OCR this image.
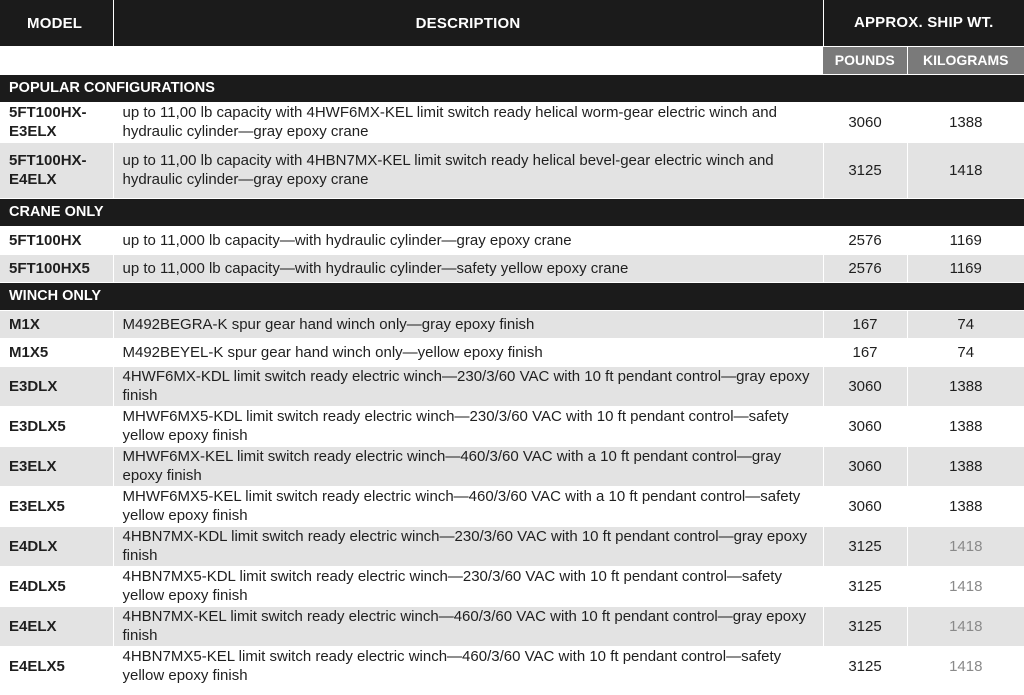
MODEL	DESCRIPTION	APPROX. SHIP WT.	
		POUNDS	KILOGRAMS
POPULAR CONFIGURATIONS			
5FT100HX-E3ELX	up to 11,00 lb capacity with 4HWF6MX-KEL limit switch ready helical worm-gear electric winch and hydraulic cylinder—gray epoxy crane	3060	1388
5FT100HX-E4ELX	up to 11,00 lb capacity with 4HBN7MX-KEL limit switch ready helical bevel-gear electric winch and hydraulic cylinder—gray epoxy crane	3125	1418
CRANE ONLY			
5FT100HX	up to 11,000 lb capacity—with hydraulic cylinder—gray epoxy crane	2576	1169
5FT100HX5	up to 11,000 lb capacity—with hydraulic cylinder—safety yellow epoxy crane	2576	1169
WINCH ONLY			
M1X	M492BEGRA-K spur gear hand winch only—gray epoxy finish	167	74
M1X5	M492BEYEL-K spur gear hand winch only—yellow epoxy finish	167	74
E3DLX	4HWF6MX-KDL limit switch ready electric winch—230/3/60 VAC with 10 ft pendant control—gray epoxy finish	3060	1388
E3DLX5	MHWF6MX5-KDL limit switch ready electric winch—230/3/60 VAC with 10 ft pendant control—safety yellow epoxy finish	3060	1388
E3ELX	MHWF6MX-KEL limit switch ready electric winch—460/3/60 VAC with a 10 ft pendant control—gray epoxy finish	3060	1388
E3ELX5	MHWF6MX5-KEL limit switch ready electric winch—460/3/60 VAC with a 10 ft pendant control—safety yellow epoxy finish	3060	1388
E4DLX	4HBN7MX-KDL limit switch ready electric winch—230/3/60 VAC with 10 ft pendant control—gray epoxy finish	3125	1418
E4DLX5	4HBN7MX5-KDL limit switch ready electric winch—230/3/60 VAC with 10 ft pendant control—safety yellow epoxy finish	3125	1418
E4ELX	4HBN7MX-KEL limit switch ready electric winch—460/3/60 VAC with 10 ft pendant control—gray epoxy finish	3125	1418
E4ELX5	4HBN7MX5-KEL limit switch ready electric winch—460/3/60 VAC with 10 ft pendant control—safety yellow epoxy finish	3125	1418
